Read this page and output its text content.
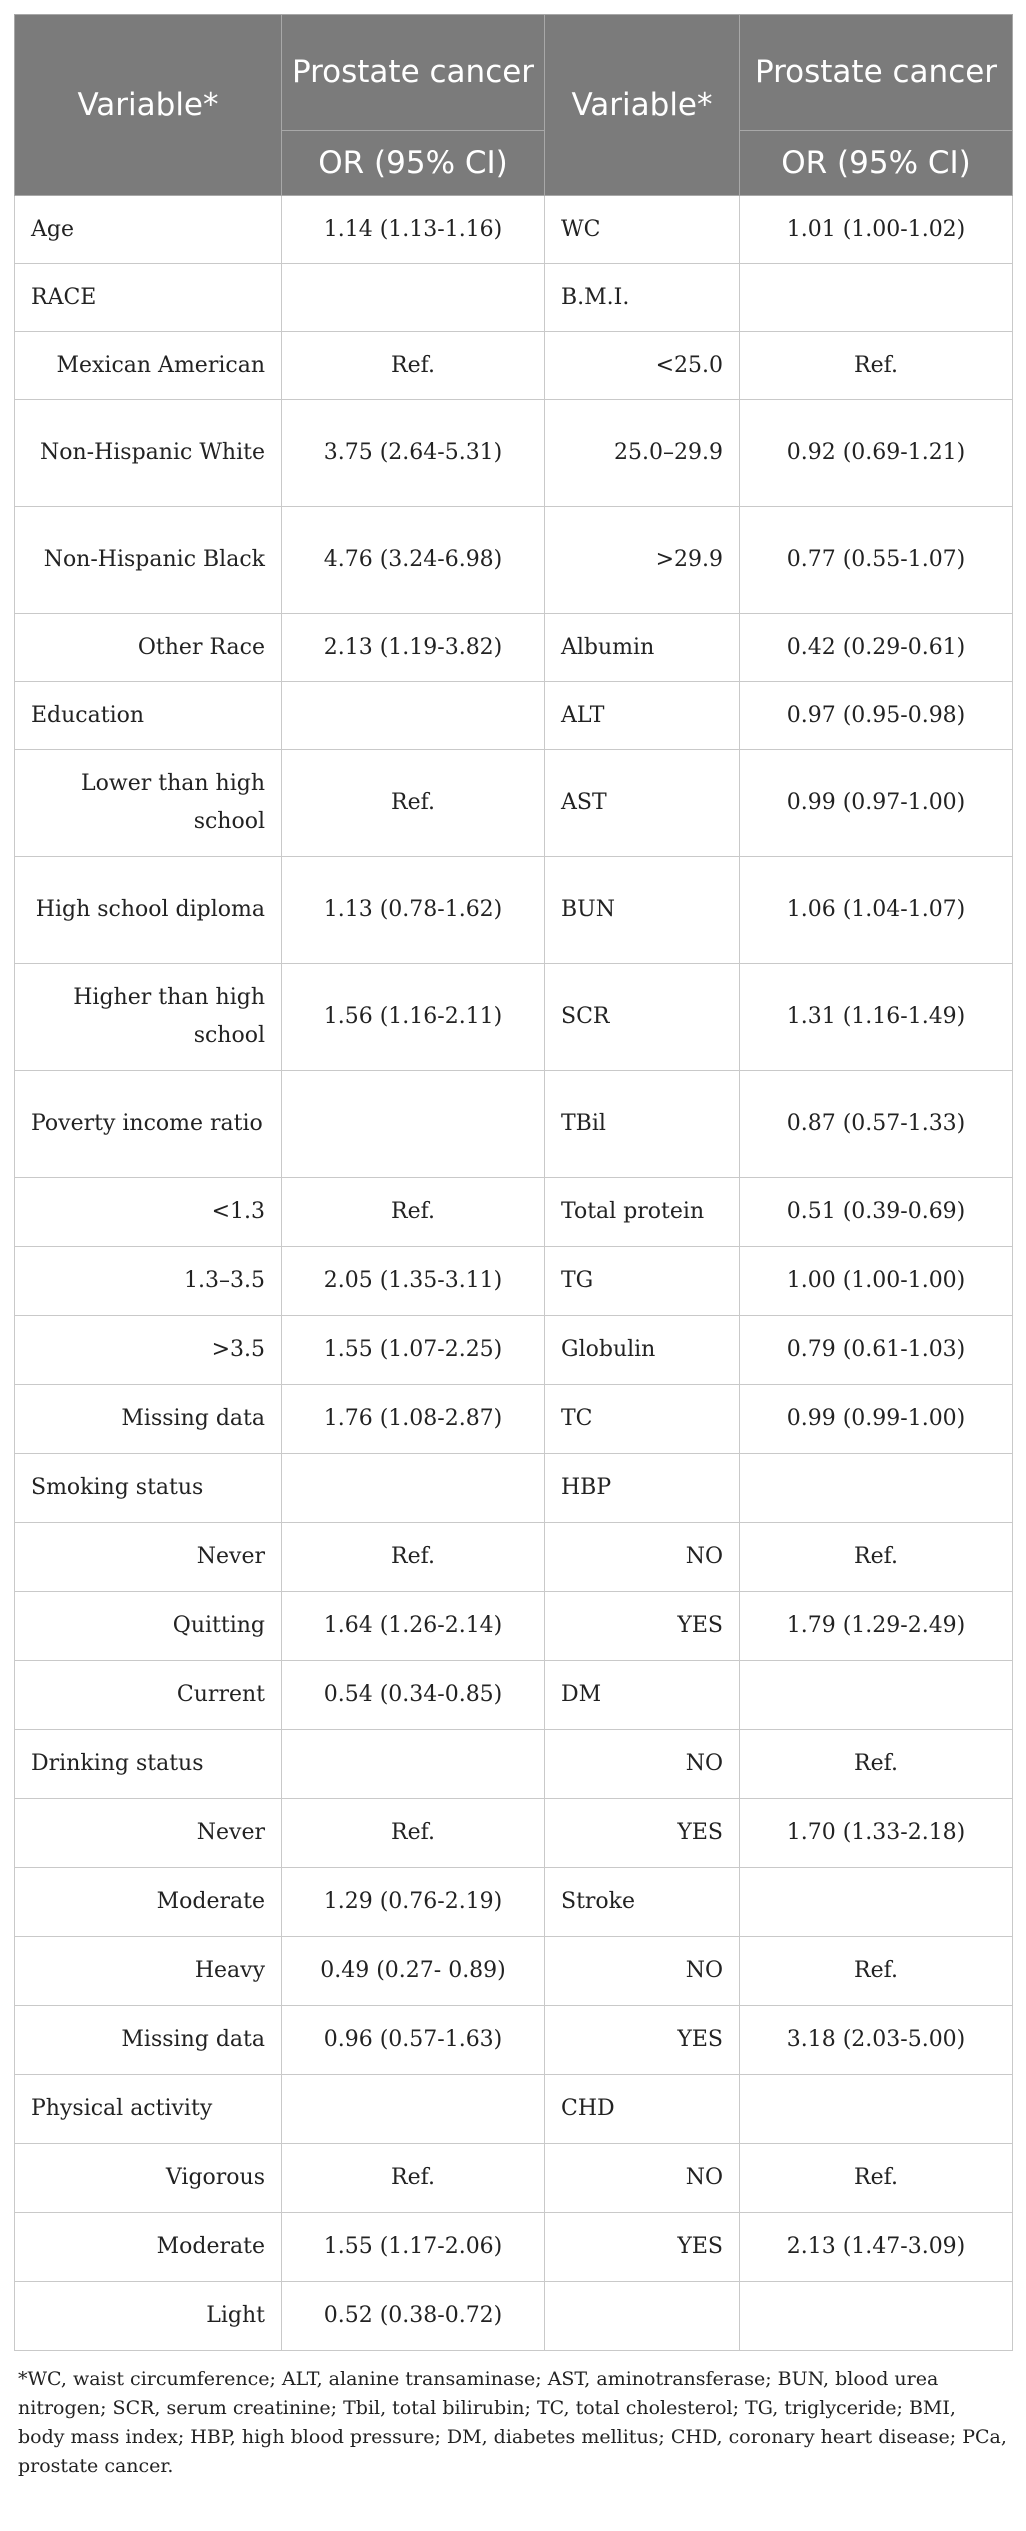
Variable*	Prostate cancer	Variable*	Prostate cancer
	OR (95% CI)		OR (95% CI)
Age	1.14 (1.13-1.16)	WC	1.01 (1.00-1.02)
RACE		B.M.I.	
Mexican American	Ref.	<25.0	Ref.
Non-Hispanic White	3.75 (2.64-5.31)	25.0–29.9	0.92 (0.69-1.21)
Non-Hispanic Black	4.76 (3.24-6.98)	>29.9	0.77 (0.55-1.07)
Other Race	2.13 (1.19-3.82)	Albumin	0.42 (0.29-0.61)
Education		ALT	0.97 (0.95-0.98)
Lower than high school	Ref.	AST	0.99 (0.97-1.00)
High school diploma	1.13 (0.78-1.62)	BUN	1.06 (1.04-1.07)
Higher than high school	1.56 (1.16-2.11)	SCR	1.31 (1.16-1.49)
Poverty income ratio		TBil	0.87 (0.57-1.33)
<1.3	Ref.	Total protein	0.51 (0.39-0.69)
1.3–3.5	2.05 (1.35-3.11)	TG	1.00 (1.00-1.00)
>3.5	1.55 (1.07-2.25)	Globulin	0.79 (0.61-1.03)
Missing data	1.76 (1.08-2.87)	TC	0.99 (0.99-1.00)
Smoking status		HBP	
Never	Ref.	NO	Ref.
Quitting	1.64 (1.26-2.14)	YES	1.79 (1.29-2.49)
Current	0.54 (0.34-0.85)	DM	
Drinking status		NO	Ref.
Never	Ref.	YES	1.70 (1.33-2.18)
Moderate	1.29 (0.76-2.19)	Stroke	
Heavy	0.49 (0.27- 0.89)	NO	Ref.
Missing data	0.96 (0.57-1.63)	YES	3.18 (2.03-5.00)
Physical activity		CHD	
Vigorous	Ref.	NO	Ref.
Moderate	1.55 (1.17-2.06)	YES	2.13 (1.47-3.09)
Light	0.52 (0.38-0.72)		

*WC, waist circumference; ALT, alanine transaminase; AST, aminotransferase; BUN, blood urea nitrogen; SCR, serum creatinine; Tbil, total bilirubin; TC, total cholesterol; TG, triglyceride; BMI, body mass index; HBP, high blood pressure; DM, diabetes mellitus; CHD, coronary heart disease; PCa, prostate cancer.
